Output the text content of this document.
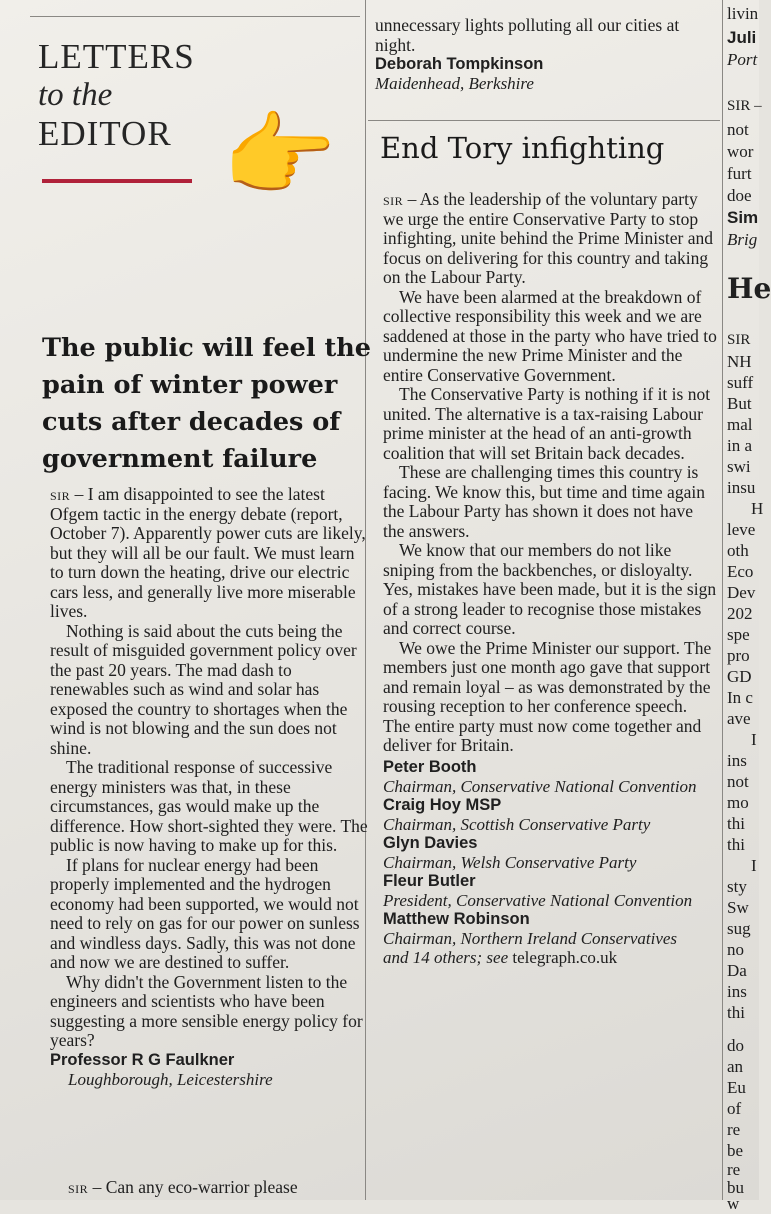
LETTERS
to the
EDITOR 👉
The public will feel the pain of winter power cuts after decades of government failure

sir – I am disappointed to see the latest Ofgem tactic in the energy debate (report, October 7). Apparently power cuts are likely, but they will all be our fault. We must learn to turn down the heating, drive our electric cars less, and generally live more miserable lives.

Nothing is said about the cuts being the result of misguided government policy over the past 20 years. The mad dash to renewables such as wind and solar has exposed the country to shortages when the wind is not blowing and the sun does not shine.

The traditional response of successive energy ministers was that, in these circumstances, gas would make up the difference. How short-sighted they were. The public is now having to make up for this.

If plans for nuclear energy had been properly implemented and the hydrogen economy had been supported, we would not need to rely on gas for our power on sunless and windless days. Sadly, this was not done and now we are destined to suffer.

Why didn't the Government listen to the engineers and scientists who have been suggesting a more sensible energy policy for years?

Professor R G Faulkner
Loughborough, Leicestershire
sir – Can any eco-warrior please
unnecessary lights polluting all our cities at night.
Deborah Tompkinson
Maidenhead, Berkshire
End Tory infighting

sir – As the leadership of the voluntary party we urge the entire Conservative Party to stop infighting, unite behind the Prime Minister and focus on delivering for this country and taking on the Labour Party.

We have been alarmed at the breakdown of collective responsibility this week and we are saddened at those in the party who have tried to undermine the new Prime Minister and the entire Conservative Government.

The Conservative Party is nothing if it is not united. The alternative is a tax-raising Labour prime minister at the head of an anti-growth coalition that will set Britain back decades.

These are challenging times this country is facing. We know this, but time and time again the Labour Party has shown it does not have the answers.

We know that our members do not like sniping from the backbenches, or disloyalty. Yes, mistakes have been made, but it is the sign of a strong leader to recognise those mistakes and correct course.

We owe the Prime Minister our support. The members just one month ago gave that support and remain loyal – as was demonstrated by the rousing reception to her conference speech. The entire party must now come together and deliver for Britain.

Peter Booth
Chairman, Conservative National Convention
Craig Hoy MSP
Chairman, Scottish Conservative Party
Glyn Davies
Chairman, Welsh Conservative Party
Fleur Butler
President, Conservative National Convention
Matthew Robinson
Chairman, Northern Ireland Conservatives
and 14 others; see telegraph.co.uk
livin
Juli
Port
SIR –
not
wor
furt
doe
Sim
Brig
He
SIR
NH
suff
But
mal
in a
swi
insu
H
leve
oth
Eco
Dev
202
spe
pro
GD
In c
ave
I
ins
not
mo
thi
thi
I
sty
Sw
sug
no
Da
ins
thi
do
an
Eu
of
re
be
re
bu
w
